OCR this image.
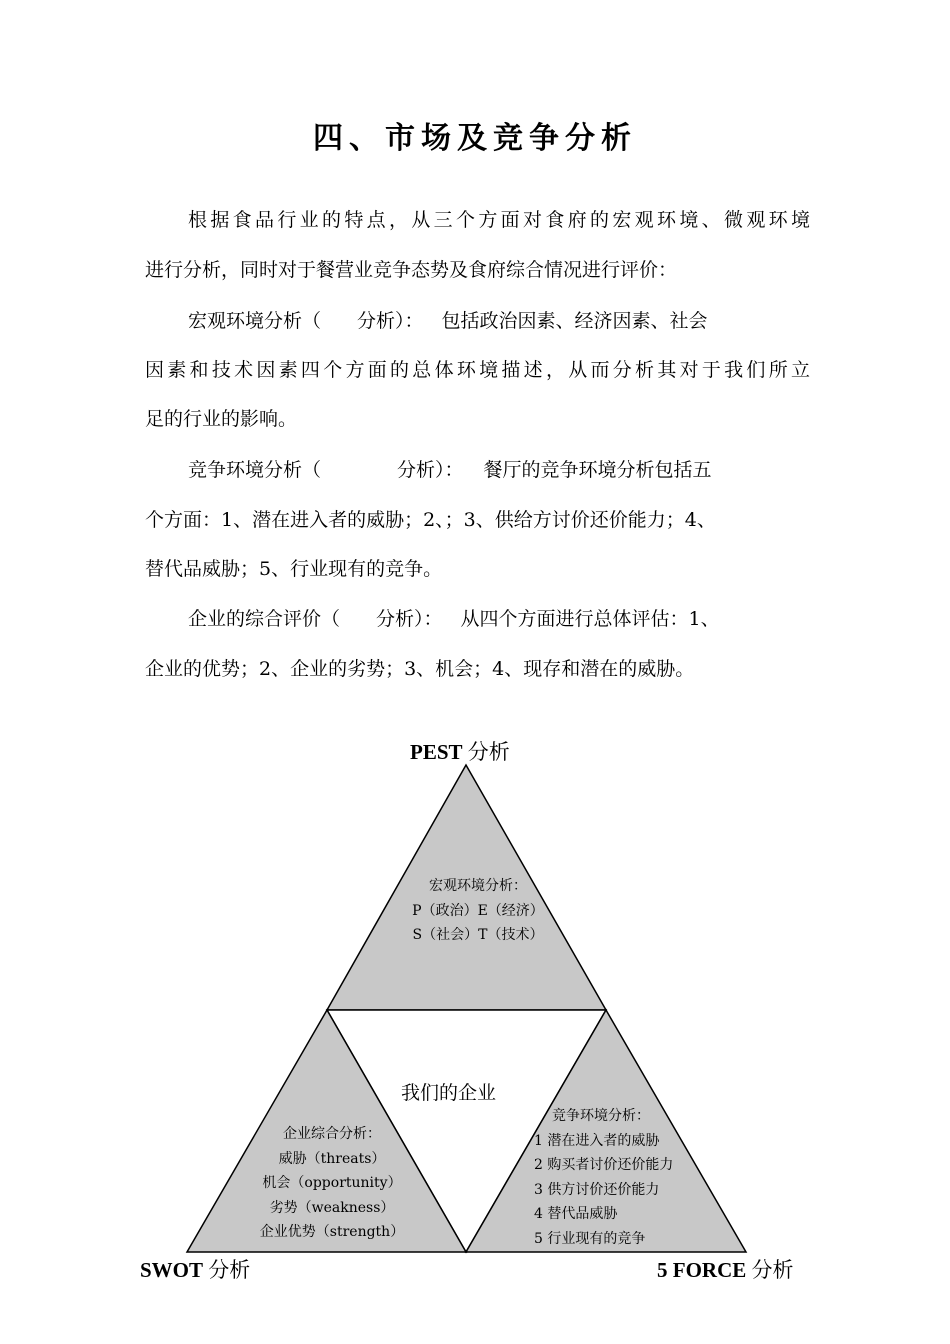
四、市场及竞争分析
根据食品行业的特点，从三个方面对食府的宏观环境、微观环境
进行分析，同时对于餐营业竞争态势及食府综合情况进行评价：
宏观环境分析（ 分析）： 包括政治因素、经济因素、社会
因素和技术因素四个方面的总体环境描述，从而分析其对于我们所立
足的行业的影响。
竞争环境分析（	分析）： 餐厅的竞争环境分析包括五
个方面：1、潜在进入者的威胁；2、；3、供给方讨价还价能力；4、
替代品威胁；5、行业现有的竞争。
企业的综合评价（ 分析）： 从四个方面进行总体评估：1、
企业的优势；2、企业的劣势；3、机会；4、现存和潜在的威胁。
PEST 分析
宏观环境分析：
P（政治）E（经济）
S（社会）T（技术）
我们的企业
企业综合分析：
威胁（threats）
机会（opportunity）
劣势（weakness）
企业优势（strength）
竞争环境分析：
1 潜在进入者的威胁
2 购买者讨价还价能力
3 供方讨价还价能力
4 替代品威胁
5 行业现有的竞争
SWOT 分析	5 FORCE 分析
